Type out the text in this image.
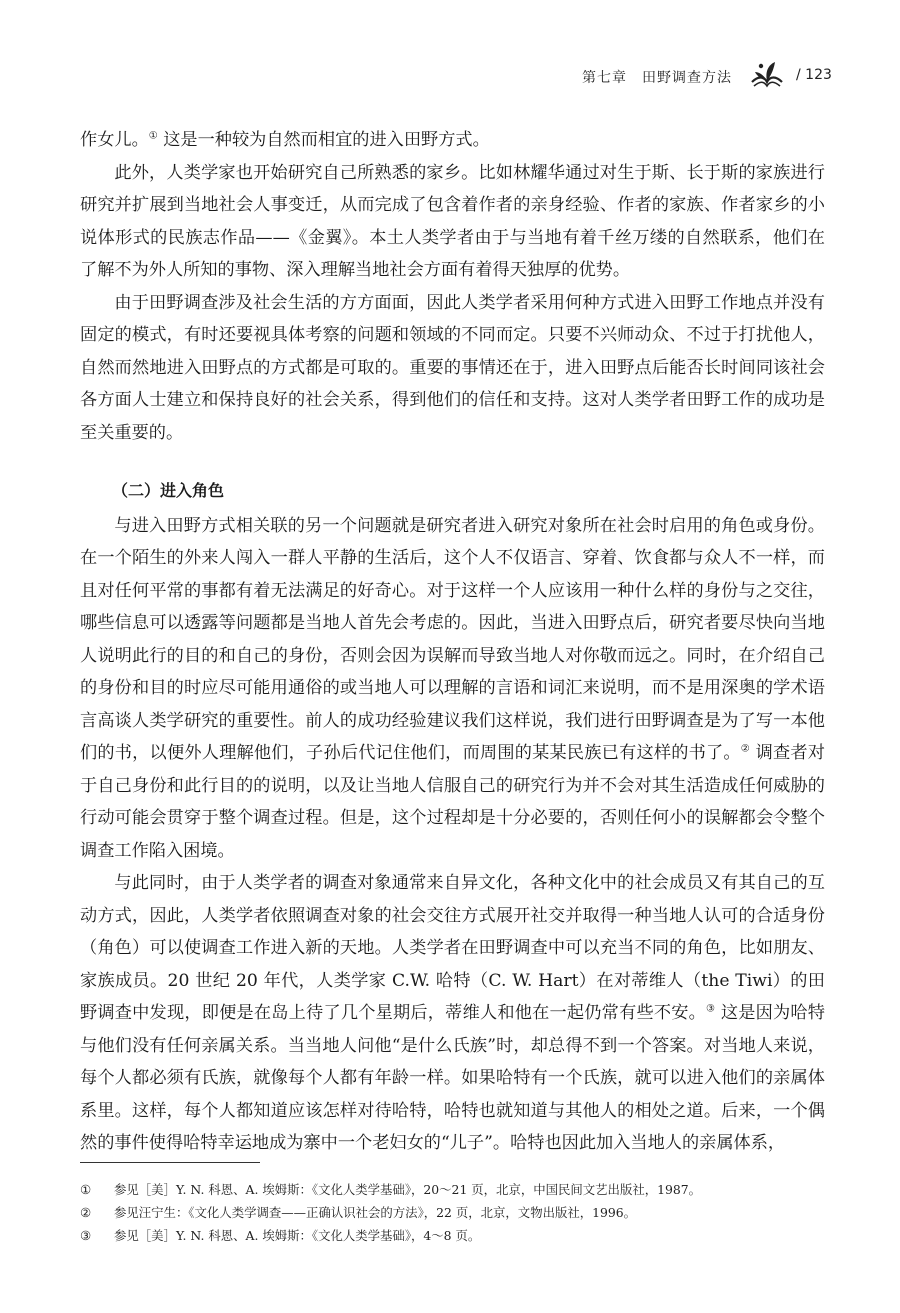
第七章　田野调查方法	/ 123

作女儿。① 这是一种较为自然而相宜的进入田野方式。

此外，人类学家也开始研究自己所熟悉的家乡。比如林耀华通过对生于斯、长于斯的家族进行研究并扩展到当地社会人事变迁，从而完成了包含着作者的亲身经验、作者的家族、作者家乡的小说体形式的民族志作品——《金翼》。本土人类学者由于与当地有着千丝万缕的自然联系，他们在了解不为外人所知的事物、深入理解当地社会方面有着得天独厚的优势。

由于田野调查涉及社会生活的方方面面，因此人类学者采用何种方式进入田野工作地点并没有固定的模式，有时还要视具体考察的问题和领域的不同而定。只要不兴师动众、不过于打扰他人，自然而然地进入田野点的方式都是可取的。重要的事情还在于，进入田野点后能否长时间同该社会各方面人士建立和保持良好的社会关系，得到他们的信任和支持。这对人类学者田野工作的成功是至关重要的。

（二）进入角色

与进入田野方式相关联的另一个问题就是研究者进入研究对象所在社会时启用的角色或身份。在一个陌生的外来人闯入一群人平静的生活后，这个人不仅语言、穿着、饮食都与众人不一样，而且对任何平常的事都有着无法满足的好奇心。对于这样一个人应该用一种什么样的身份与之交往，哪些信息可以透露等问题都是当地人首先会考虑的。因此，当进入田野点后，研究者要尽快向当地人说明此行的目的和自己的身份，否则会因为误解而导致当地人对你敬而远之。同时，在介绍自己的身份和目的时应尽可能用通俗的或当地人可以理解的言语和词汇来说明，而不是用深奥的学术语言高谈人类学研究的重要性。前人的成功经验建议我们这样说，我们进行田野调查是为了写一本他们的书，以便外人理解他们，子孙后代记住他们，而周围的某某民族已有这样的书了。② 调查者对于自己身份和此行目的的说明，以及让当地人信服自己的研究行为并不会对其生活造成任何威胁的行动可能会贯穿于整个调查过程。但是，这个过程却是十分必要的，否则任何小的误解都会令整个调查工作陷入困境。

与此同时，由于人类学者的调查对象通常来自异文化，各种文化中的社会成员又有其自己的互动方式，因此，人类学者依照调查对象的社会交往方式展开社交并取得一种当地人认可的合适身份（角色）可以使调查工作进入新的天地。人类学者在田野调查中可以充当不同的角色，比如朋友、家族成员。20 世纪 20 年代，人类学家 C.W. 哈特（C. W. Hart）在对蒂维人（the Tiwi）的田野调查中发现，即便是在岛上待了几个星期后，蒂维人和他在一起仍常有些不安。③ 这是因为哈特与他们没有任何亲属关系。当当地人问他“是什么氏族”时，却总得不到一个答案。对当地人来说，每个人都必须有氏族，就像每个人都有年龄一样。如果哈特有一个氏族，就可以进入他们的亲属体系里。这样，每个人都知道应该怎样对待哈特，哈特也就知道与其他人的相处之道。后来，一个偶然的事件使得哈特幸运地成为寨中一个老妇女的“儿子”。哈特也因此加入当地人的亲属体系，

①	参见［美］Y. N. 科恩、A. 埃姆斯：《文化人类学基础》，20～21 页，北京，中国民间文艺出版社，1987。
②	参见汪宁生：《文化人类学调查——正确认识社会的方法》，22 页，北京，文物出版社，1996。
③	参见［美］Y. N. 科恩、A. 埃姆斯：《文化人类学基础》，4～8 页。
